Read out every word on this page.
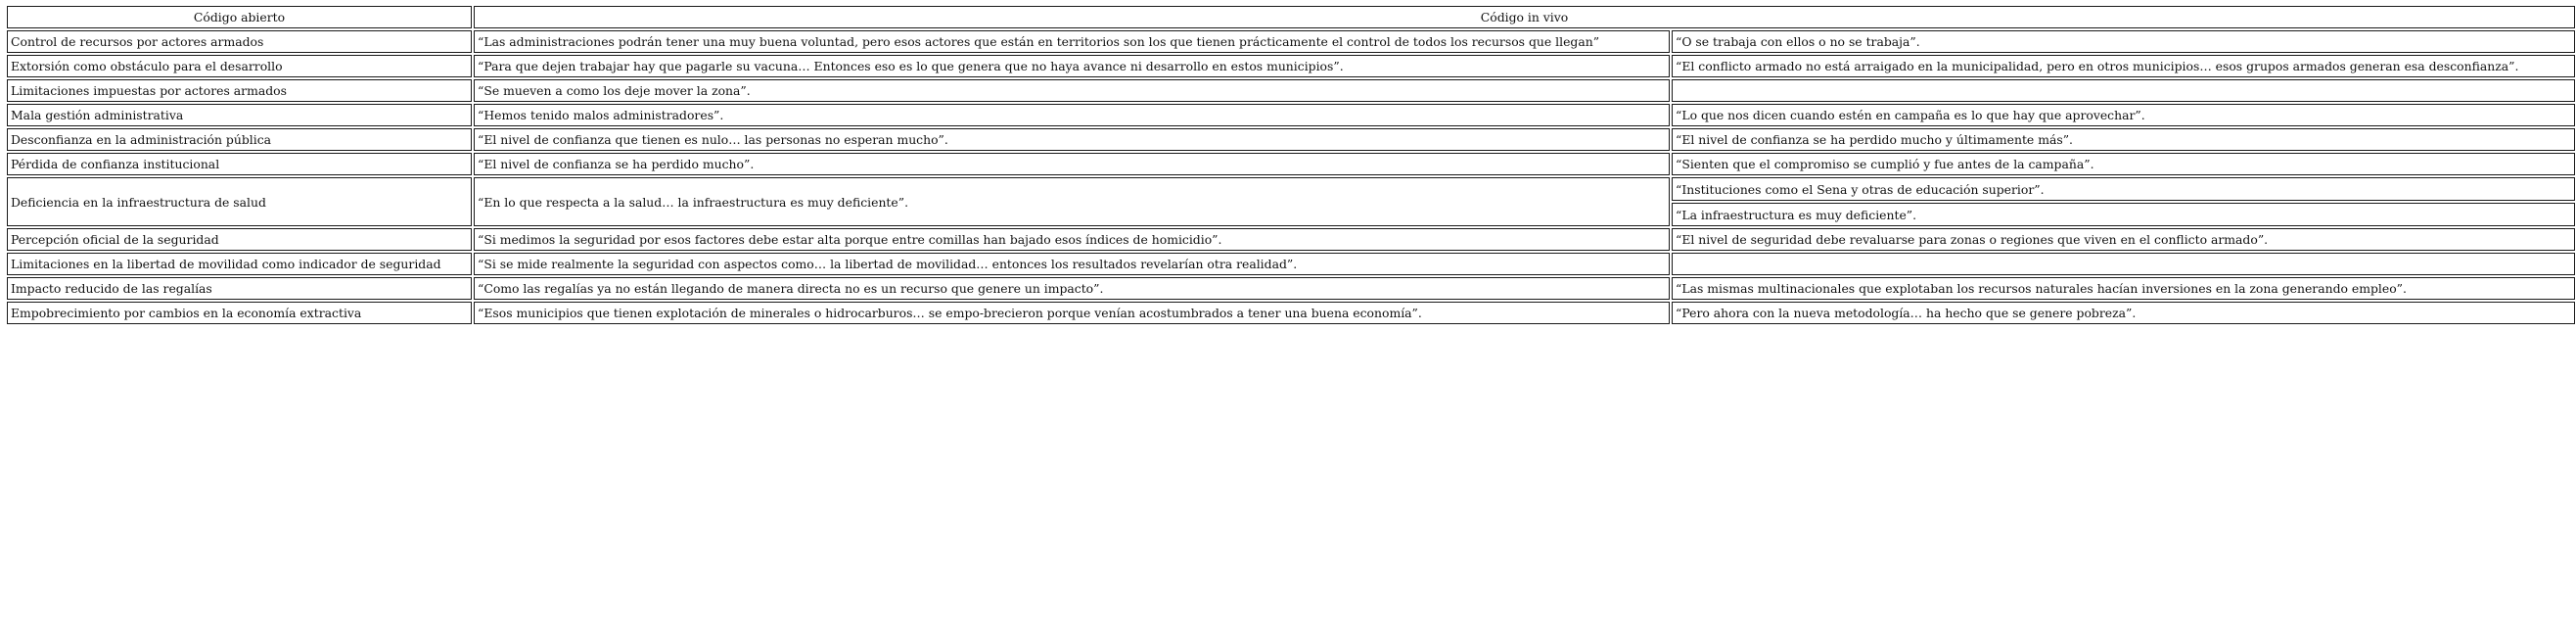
Código abierto	Código in vivo	
Control de recursos por actores armados	“Las administraciones podrán tener una muy buena voluntad, pero esos actores que están en territorios son los que tienen prácticamente el control de todos los recursos que llegan”	“O se trabaja con ellos o no se trabaja”.
Extorsión como obstáculo para el desarrollo	“Para que dejen trabajar hay que pagarle su vacuna… Entonces eso es lo que genera que no haya avance ni desarrollo en estos municipios”.	“El conflicto armado no está arraigado en la municipalidad, pero en otros municipios… esos grupos armados generan esa desconfianza”.
Limitaciones impuestas por actores armados	“Se mueven a como los deje mover la zona”.	
Mala gestión administrativa	“Hemos tenido malos administradores”.	“Lo que nos dicen cuando estén en campaña es lo que hay que aprovechar”.
Desconfianza en la administración pública	“El nivel de confianza que tienen es nulo… las personas no esperan mucho”.	“El nivel de confianza se ha perdido mucho y últimamente más”.
Pérdida de confianza institucional	“El nivel de confianza se ha perdido mucho”.	“Sienten que el compromiso se cumplió y fue antes de la campaña”.
Deficiencia en la infraestructura de salud	“En lo que respecta a la salud… la infraestructura es muy deficiente”.	“Instituciones como el Sena y otras de educación superior”.
		“La infraestructura es muy deficiente”.
Percepción oficial de la seguridad	“Si medimos la seguridad por esos factores debe estar alta porque entre comillas han bajado esos índices de homicidio”.	“El nivel de seguridad debe revaluarse para zonas o regiones que viven en el conflicto armado”.
Limitaciones en la libertad de movilidad como indicador de seguridad	“Si se mide realmente la seguridad con aspectos como… la libertad de movilidad… entonces los resultados revelarían otra realidad”.	
Impacto reducido de las regalías	“Como las regalías ya no están llegando de manera directa no es un recurso que genere un impacto”.	“Las mismas multinacionales que explotaban los recursos naturales hacían inversiones en la zona generando empleo”.
Empobrecimiento por cambios en la economía extractiva	“Esos municipios que tienen explotación de minerales o hidrocarburos… se empo-brecieron porque venían acostumbrados a tener una buena economía”.	“Pero ahora con la nueva metodología… ha hecho que se genere pobreza”.
